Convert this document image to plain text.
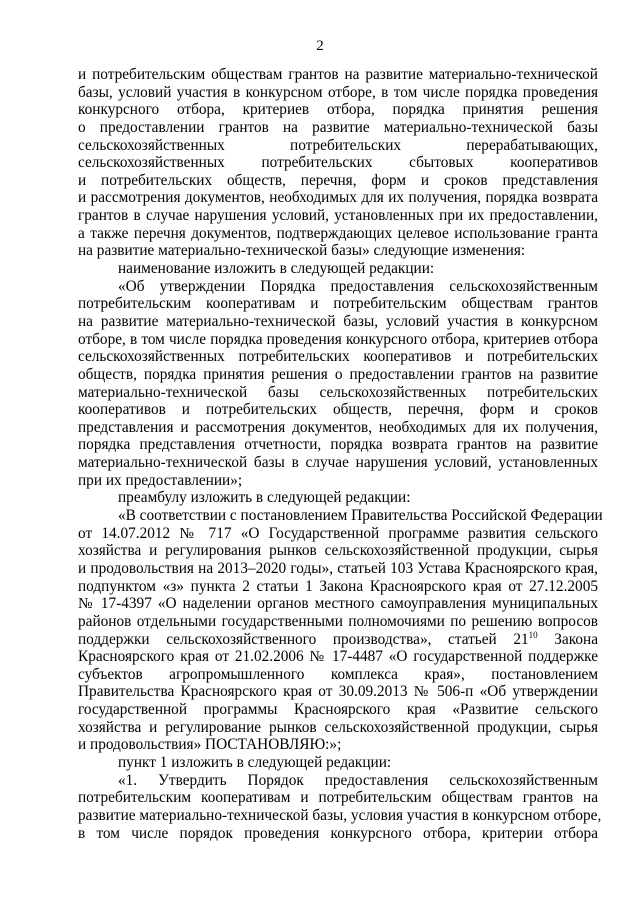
2
и потребительским обществам грантов на развитие материально-технической
базы, условий участия в конкурсном отборе, в том числе порядка проведения
конкурсного отбора, критериев отбора, порядка принятия решения
о предоставлении грантов на развитие материально-технической базы
сельскохозяйственных потребительских перерабатывающих,
сельскохозяйственных потребительских сбытовых кооперативов
и потребительских обществ, перечня, форм и сроков представления
и рассмотрения документов, необходимых для их получения, порядка возврата
грантов в случае нарушения условий, установленных при их предоставлении,
а также перечня документов, подтверждающих целевое использование гранта
на развитие материально-технической базы» следующие изменения:
наименование изложить в следующей редакции:
«Об утверждении Порядка предоставления сельскохозяйственным
потребительским кооперативам и потребительским обществам грантов
на развитие материально-технической базы, условий участия в конкурсном
отборе, в том числе порядка проведения конкурсного отбора, критериев отбора
сельскохозяйственных потребительских кооперативов и потребительских
обществ, порядка принятия решения о предоставлении грантов на развитие
материально-технической базы сельскохозяйственных потребительских
кооперативов и потребительских обществ, перечня, форм и сроков
представления и рассмотрения документов, необходимых для их получения,
порядка представления отчетности, порядка возврата грантов на развитие
материально-технической базы в случае нарушения условий, установленных
при их предоставлении»;
преамбулу изложить в следующей редакции:
«В соответствии с постановлением Правительства Российской Федерации
от 14.07.2012 № 717 «О Государственной программе развития сельского
хозяйства и регулирования рынков сельскохозяйственной продукции, сырья
и продовольствия на 2013–2020 годы», статьей 103 Устава Красноярского края,
подпунктом «з» пункта 2 статьи 1 Закона Красноярского края от 27.12.2005
№ 17-4397 «О наделении органов местного самоуправления муниципальных
районов отдельными государственными полномочиями по решению вопросов
поддержки сельскохозяйственного производства», статьей $21^{10}$ Закона
Красноярского края от 21.02.2006 № 17-4487 «О государственной поддержке
субъектов агропромышленного комплекса края», постановлением
Правительства Красноярского края от 30.09.2013 № 506-п «Об утверждении
государственной программы Красноярского края «Развитие сельского
хозяйства и регулирование рынков сельскохозяйственной продукции, сырья
и продовольствия» ПОСТАНОВЛЯЮ:»;
пункт 1 изложить в следующей редакции:
«1. Утвердить Порядок предоставления сельскохозяйственным
потребительским кооперативам и потребительским обществам грантов на
развитие материально-технической базы, условия участия в конкурсном отборе,
в том числе порядок проведения конкурсного отбора, критерии отбора
